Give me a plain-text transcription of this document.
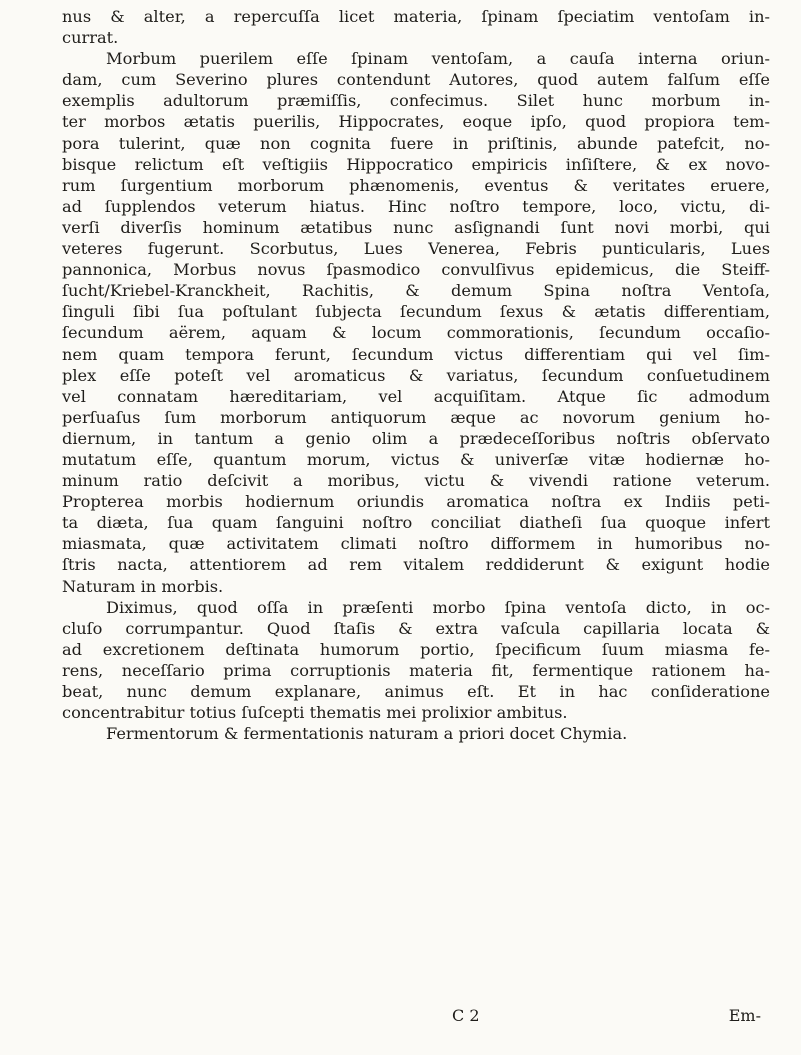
nus & alter, a repercuſſa licet materia, ſpinam ſpeciatim ventoſam in-
currat.
Morbum puerilem eſſe ſpinam ventoſam, a cauſa interna oriun-
dam, cum Severino plures contendunt Autores, quod autem falſum eſſe
exemplis adultorum præmiſſis, confecimus. Silet hunc morbum in-
ter morbos ætatis puerilis, Hippocrates, eoque ipſo, quod propiora tem-
pora tulerint, quæ non cognita fuere in priſtinis, abunde patefcit, no-
bisque relictum eſt veſtigiis Hippocratico empiricis inſiſtere, & ex novo-
rum ſurgentium morborum phænomenis, eventus & veritates eruere,
ad ſupplendos veterum hiatus. Hinc noſtro tempore, loco, victu, di-
verſi diverſis hominum ætatibus nunc asſignandi ſunt novi morbi, qui
veteres fugerunt. Scorbutus, Lues Venerea, Febris punticularis, Lues
pannonica, Morbus novus ſpasmodico convulſivus epidemicus, die Steiff-
ſucht/Kriebel-Kranckheit, Rachitis, & demum Spina noſtra Ventoſa,
ſinguli ſibi ſua poſtulant ſubjecta ſecundum ſexus & ætatis differentiam,
ſecundum aërem, aquam & locum commorationis, ſecundum occaſio-
nem quam tempora ferunt, ſecundum victus differentiam qui vel ſim-
plex eſſe poteſt vel aromaticus & variatus, ſecundum conſuetudinem
vel connatam hæreditariam, vel acquiſitam. Atque ſic admodum
perſuaſus ſum morborum antiquorum æque ac novorum genium ho-
diernum, in tantum a genio olim a prædeceſſoribus noſtris obſervato
mutatum eſſe, quantum morum, victus & univerſæ vitæ hodiernæ ho-
minum ratio deſcivit a moribus, victu & vivendi ratione veterum.
Propterea morbis hodiernum oriundis aromatica noſtra ex Indiis peti-
ta diæta, ſua quam ſanguini noſtro conciliat diatheſi ſua quoque infert
miasmata, quæ activitatem climati noſtro difformem in humoribus no-
ſtris nacta, attentiorem ad rem vitalem reddiderunt & exigunt hodie
Naturam in morbis.
Diximus, quod oſſa in præſenti morbo ſpina ventoſa dicto, in oc-
cluſo corrumpantur. Quod ſtaſis & extra vaſcula capillaria locata &
ad excretionem deſtinata humorum portio, ſpecificum ſuum miasma fe-
rens, neceſſario prima corruptionis materia fit, fermentique rationem ha-
beat, nunc demum explanare, animus eſt. Et in hac conſideratione
concentrabitur totius ſuſcepti thematis mei prolixior ambitus.
Fermentorum & fermentationis naturam a priori docet Chymia.
C 2	Em-
